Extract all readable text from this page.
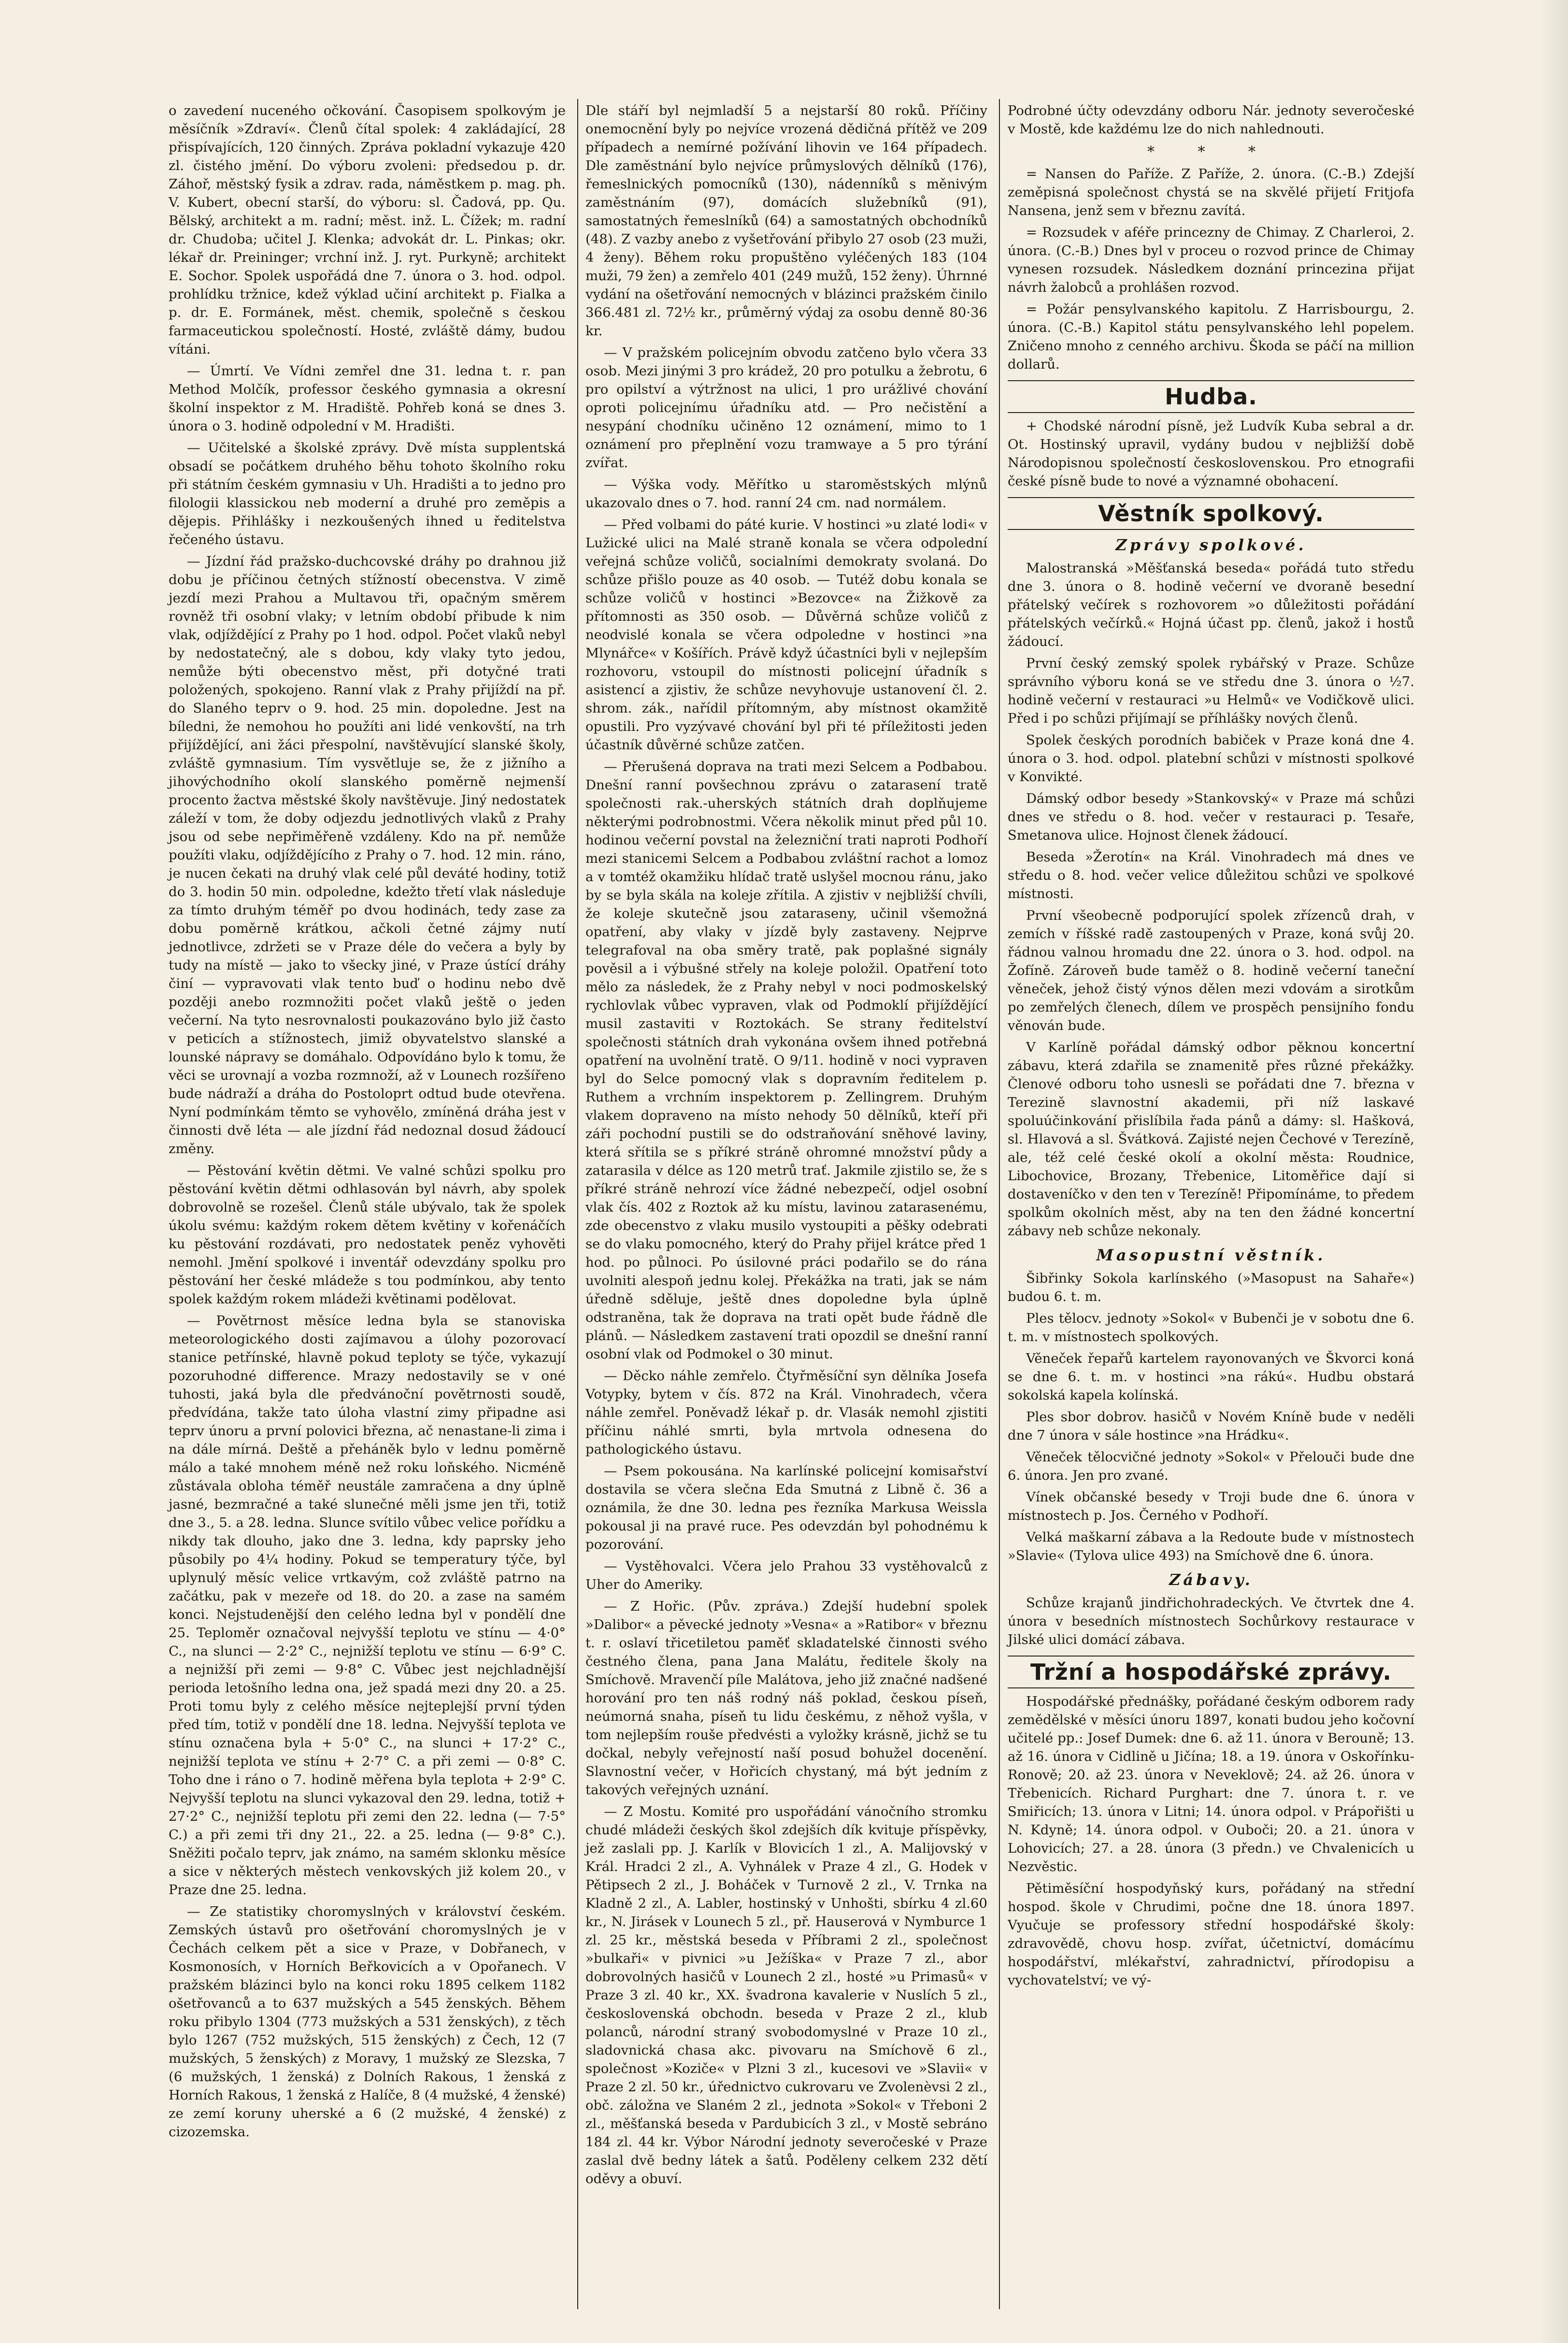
o zavedení nuceného očkování. Časopisem spolkovým je měsíčník »Zdraví«. Členů čítal spolek: 4 zakládající, 28 přispívajících, 120 činných. Zpráva pokladní vykazuje 420 zl. čistého jmění. Do výboru zvoleni: předsedou p. dr. Záhoř, městský fysik a zdrav. rada, náměstkem p. mag. ph. V. Kubert, obecní starší, do výboru: sl. Čadová, pp. Qu. Bělský, architekt a m. radní; měst. inž. L. Čížek; m. radní dr. Chudoba; učitel J. Klenka; advokát dr. L. Pinkas; okr. lékař dr. Preininger; vrchní inž. J. ryt. Purkyně; architekt E. Sochor. Spolek uspořádá dne 7. února o 3. hod. odpol. prohlídku tržnice, kdež výklad učiní architekt p. Fialka a p. dr. E. Formánek, měst. chemik, společně s českou farmaceutickou společností. Hosté, zvláště dámy, budou vítáni.

— Úmrtí. Ve Vídni zemřel dne 31. ledna t. r. pan Method Molčík, professor českého gymnasia a okresní školní inspektor z M. Hradiště. Pohřeb koná se dnes 3. února o 3. hodině odpolední v M. Hradišti.

— Učitelské a školské zprávy. Dvě místa supplentská obsadí se počátkem druhého běhu tohoto školního roku při státním českém gymnasiu v Uh. Hradišti a to jedno pro filologii klassickou neb moderní a druhé pro zeměpis a dějepis. Přihlášky i nezkoušených ihned u ředitelstva řečeného ústavu.

— Jízdní řád pražsko-duchcovské dráhy po drahnou již dobu je příčinou četných stížností obecenstva. V zimě jezdí mezi Prahou a Multavou tři, opačným směrem rovněž tři osobní vlaky; v letním období přibude k nim vlak, odjíždějící z Prahy po 1 hod. odpol. Počet vlaků nebyl by nedostatečný, ale s dobou, kdy vlaky tyto jedou, nemůže býti obecenstvo měst, při dotyčné trati položených, spokojeno. Ranní vlak z Prahy přijíždí na př. do Slaného teprv o 9. hod. 25 min. dopoledne. Jest na bíledni, že nemohou ho použíti ani lidé venkovští, na trh přijíždějící, ani žáci přespolní, navštěvující slanské školy, zvláště gymnasium. Tím vysvětluje se, že z jižního a jihovýchodního okolí slanského poměrně nejmenší procento žactva městské školy navštěvuje. Jiný nedostatek záleží v tom, že doby odjezdu jednotlivých vlaků z Prahy jsou od sebe nepřiměřeně vzdáleny. Kdo na př. nemůže použíti vlaku, odjíždějícího z Prahy o 7. hod. 12 min. ráno, je nucen čekati na druhý vlak celé půl deváté hodiny, totiž do 3. hodin 50 min. odpoledne, kdežto třetí vlak následuje za tímto druhým téměř po dvou hodinách, tedy zase za dobu poměrně krátkou, ačkoli četné zájmy nutí jednotlivce, zdržeti se v Praze déle do večera a byly by tudy na místě — jako to všecky jiné, v Praze ústící dráhy činí — vypravovati vlak tento buď o hodinu nebo dvě později anebo rozmnožiti počet vlaků ještě o jeden večerní. Na tyto nesrovnalosti poukazováno bylo již často v peticích a stížnostech, jimiž obyvatelstvo slanské a lounské nápravy se domáhalo. Odpovídáno bylo k tomu, že věci se urovnají a vozba rozmnoží, až v Lounech rozšířeno bude nádraží a dráha do Postoloprt odtud bude otevřena. Nyní podmínkám těmto se vyhovělo, zmíněná dráha jest v činnosti dvě léta — ale jízdní řád nedoznal dosud žádoucí změny.

— Pěstování květin dětmi. Ve valné schůzi spolku pro pěstování květin dětmi odhlasován byl návrh, aby spolek dobrovolně se rozešel. Členů stále ubývalo, tak že spolek úkolu svému: každým rokem dětem květiny v kořenáčích ku pěstování rozdávati, pro nedostatek peněz vyhověti nemohl. Jmění spolkové i inventář odevzdány spolku pro pěstování her české mládeže s tou podmínkou, aby tento spolek každým rokem mládeži květinami podělovat.

— Povětrnost měsíce ledna byla se stanoviska meteorologického dosti zajímavou a úlohy pozorovací stanice petřínské, hlavně pokud teploty se týče, vykazují pozoruhodné difference. Mrazy nedostavily se v oné tuhosti, jaká byla dle předvánoční povětrnosti soudě, předvídána, takže tato úloha vlastní zimy připadne asi teprv únoru a první polovici března, ač nenastane-li zima i na dále mírná. Deště a přeháněk bylo v lednu poměrně málo a také mnohem méně než roku loňského. Nicméně zůstávala obloha téměř neustále zamračena a dny úplně jasné, bezmračné a také slunečné měli jsme jen tři, totiž dne 3., 5. a 28. ledna. Slunce svítilo vůbec velice pořídku a nikdy tak dlouho, jako dne 3. ledna, kdy paprsky jeho působily po 4¼ hodiny. Pokud se temperatury týče, byl uplynulý měsíc velice vrtkavým, což zvláště patrno na začátku, pak v mezeře od 18. do 20. a zase na samém konci. Nejstudenější den celého ledna byl v pondělí dne 25. Teploměr označoval nejvyšší teplotu ve stínu — 4·0° C., na slunci — 2·2° C., nejnižší teplotu ve stínu — 6·9° C. a nejnižší při zemi — 9·8° C. Vůbec jest nejchladnější perioda letošního ledna ona, jež spadá mezi dny 20. a 25. Proti tomu byly z celého měsíce nejteplejší první týden před tím, totiž v pondělí dne 18. ledna. Nejvyšší teplota ve stínu označena byla + 5·0° C., na slunci + 17·2° C., nejnižší teplota ve stínu + 2·7° C. a při zemi — 0·8° C. Toho dne i ráno o 7. hodině měřena byla teplota + 2·9° C. Nejvyšší teplotu na slunci vykazoval den 29. ledna, totiž + 27·2° C., nejnižší teplotu při zemi den 22. ledna (— 7·5° C.) a při zemi tři dny 21., 22. a 25. ledna (— 9·8° C.). Sněžiti počalo teprv, jak známo, na samém sklonku měsíce a sice v některých městech venkovských již kolem 20., v Praze dne 25. ledna.

— Ze statistiky choromyslných v království českém. Zemských ústavů pro ošetřování choromyslných je v Čechách celkem pět a sice v Praze, v Dobřanech, v Kosmonosích, v Horních Beřkovicích a v Opořanech. V pražském blázinci bylo na konci roku 1895 celkem 1182 ošetřovanců a to 637 mužských a 545 ženských. Během roku přibylo 1304 (773 mužských a 531 ženských), z těch bylo 1267 (752 mužských, 515 ženských) z Čech, 12 (7 mužských, 5 ženských) z Moravy, 1 mužský ze Slezska, 7 (6 mužských, 1 ženská) z Dolních Rakous, 1 ženská z Horních Rakous, 1 ženská z Halíče, 8 (4 mužské, 4 ženské) ze zemí koruny uherské a 6 (2 mužské, 4 ženské) z cizozemska.

Dle stáří byl nejmladší 5 a nejstarší 80 roků. Příčiny onemocnění byly po nejvíce vrozená dědičná přítěž ve 209 případech a nemírné požívání lihovin ve 164 případech. Dle zaměstnání bylo nejvíce průmyslových dělníků (176), řemeslnických pomocníků (130), nádenníků s měnivým zaměstnáním (97), domácích služebníků (91), samostatných řemeslníků (64) a samostatných obchodníků (48). Z vazby anebo z vyšetřování přibylo 27 osob (23 muži, 4 ženy). Během roku propuštěno vyléčených 183 (104 muži, 79 žen) a zemřelo 401 (249 mužů, 152 ženy). Úhrnné vydání na ošetřování nemocných v blázinci pražském činilo 366.481 zl. 72½ kr., průměrný výdaj za osobu denně 80·36 kr.

— V pražském policejním obvodu zatčeno bylo včera 33 osob. Mezi jinými 3 pro krádež, 20 pro potulku a žebrotu, 6 pro opilství a výtržnost na ulici, 1 pro urážlivé chování oproti policejnímu úřadníku atd. — Pro nečistění a nesypání chodníku učiněno 12 oznámení, mimo to 1 oznámení pro přeplnění vozu tramwaye a 5 pro týrání zvířat.

— Výška vody. Měřítko u staroměstských mlýnů ukazovalo dnes o 7. hod. ranní 24 cm. nad normálem.

— Před volbami do páté kurie. V hostinci »u zlaté lodi« v Lužické ulici na Malé straně konala se včera odpolední veřejná schůze voličů, socialními demokraty svolaná. Do schůze přišlo pouze as 40 osob. — Tutéž dobu konala se schůze voličů v hostinci »Bezovce« na Žižkově za přítomnosti as 350 osob. — Důvěrná schůze voličů z neodvislé konala se včera odpoledne v hostinci »na Mlynářce« v Košířích. Právě když účastníci byli v nejlepším rozhovoru, vstoupil do místnosti policejní úřadník s asistencí a zjistiv, že schůze nevyhovuje ustanovení čl. 2. shrom. zák., nařídil přítomným, aby místnost okamžitě opustili. Pro vyzývavé chování byl při té příležitosti jeden účastník důvěrné schůze zatčen.

— Přerušená doprava na trati mezi Selcem a Podbabou. Dnešní ranní povšechnou zprávu o zatarasení tratě společnosti rak.-uherských státních drah doplňujeme některými podrobnostmi. Včera několik minut před půl 10. hodinou večerní povstal na železniční trati naproti Podhoří mezi stanicemi Selcem a Podbabou zvláštní rachot a lomoz a v tomtéž okamžiku hlídač tratě uslyšel mocnou ránu, jako by se byla skála na koleje zřítila. A zjistiv v nejbližší chvíli, že koleje skutečně jsou zataraseny, učinil všemožná opatření, aby vlaky v jízdě byly zastaveny. Nejprve telegrafoval na oba směry tratě, pak poplašné signály pověsil a i výbušné střely na koleje položil. Opatření toto mělo za následek, že z Prahy nebyl v noci podmoskelský rychlovlak vůbec vypraven, vlak od Podmoklí přijíždějící musil zastaviti v Roztokách. Se strany ředitelství společnosti státních drah vykonána ovšem ihned potřebná opatření na uvolnění tratě. O 9/11. hodině v noci vypraven byl do Selce pomocný vlak s dopravním ředitelem p. Ruthem a vrchním inspektorem p. Zellingrem. Druhým vlakem dopraveno na místo nehody 50 dělníků, kteří při záři pochodní pustili se do odstraňování sněhové laviny, která sřítila se s příkré stráně ohromné množství půdy a zatarasila v délce as 120 metrů trať. Jakmile zjistilo se, že s příkré stráně nehrozí více žádné nebezpečí, odjel osobní vlak čís. 402 z Roztok až ku místu, lavinou zatarasenému, zde obecenstvo z vlaku musilo vystoupiti a pěšky odebrati se do vlaku pomocného, který do Prahy přijel krátce před 1 hod. po půlnoci. Po úsilovné práci podařilo se do rána uvolniti alespoň jednu kolej. Překážka na trati, jak se nám úředně sděluje, ještě dnes dopoledne byla úplně odstraněna, tak že doprava na trati opět bude řádně dle plánů. — Následkem zastavení trati opozdil se dnešní ranní osobní vlak od Podmokel o 30 minut.

— Děcko náhle zemřelo. Čtyřměsíční syn dělníka Josefa Votypky, bytem v čís. 872 na Král. Vinohradech, včera náhle zemřel. Poněvadž lékař p. dr. Vlasák nemohl zjistiti příčinu náhlé smrti, byla mrtvola odnesena do pathologického ústavu.

— Psem pokousána. Na karlínské policejní komisařství dostavila se včera slečna Eda Smutná z Libně č. 36 a oznámila, že dne 30. ledna pes řezníka Markusa Weissla pokousal ji na pravé ruce. Pes odevzdán byl pohodnému k pozorování.

— Vystěhovalci. Včera jelo Prahou 33 vystěhovalců z Uher do Ameriky.

— Z Hořic. (Pův. zpráva.) Zdejší hudební spolek »Dalibor« a pěvecké jednoty »Vesna« a »Ratibor« v březnu t. r. oslaví třicetiletou paměť skladatelské činnosti svého čestného člena, pana Jana Malátu, ředitele školy na Smíchově. Mravenčí píle Malátova, jeho již značné nadšené horování pro ten náš rodný náš poklad, českou píseň, neúmorná snaha, píseň tu lidu českému, z něhož vyšla, v tom nejlepším rouše předvésti a vyložky krásně, jichž se tu dočkal, nebyly veřejností naší posud bohužel docenění. Slavnostní večer, v Hořicích chystaný, má být jedním z takových veřejných uznání.

— Z Mostu. Komité pro uspořádání vánočního stromku chudé mládeži českých škol zdejších dík kvituje příspěvky, jež zaslali pp. J. Karlík v Blovicích 1 zl., A. Malijovský v Král. Hradci 2 zl., A. Vyhnálek v Praze 4 zl., G. Hodek v Pětipsech 2 zl., J. Boháček v Turnově 2 zl., V. Trnka na Kladně 2 zl., A. Labler, hostinský v Unhošti, sbírku 4 zl.60 kr., N. Jirásek v Lounech 5 zl., př. Hauserová v Nymburce 1 zl. 25 kr., městská beseda v Příbrami 2 zl., společnost »bulkaři« v pivnici »u Ježíška« v Praze 7 zl., abor dobrovolných hasičů v Lounech 2 zl., hosté »u Primasů« v Praze 3 zl. 40 kr., XX. švadrona kavalerie v Nuslích 5 zl., československá obchodn. beseda v Praze 2 zl., klub polanců, národní straný svobodomyslné v Praze 10 zl., sladovnická chasa akc. pivovaru na Smíchově 6 zl., společnost »Koziče« v Plzni 3 zl., kucesovi ve »Slavii« v Praze 2 zl. 50 kr., úřednictvo cukrovaru ve Zvolenèvsi 2 zl., obč. záložna ve Slaném 2 zl., jednota »Sokol« v Třeboni 2 zl., měšťanská beseda v Pardubicích 3 zl., v Mostě sebráno 184 zl. 44 kr. Výbor Národní jednoty severočeské v Praze zaslal dvě bedny látek a šatů. Poděleny celkem 232 dětí oděvy a obuví.

Podrobné účty odevzdány odboru Nár. jednoty severočeské v Mostě, kde každému lze do nich nahlednouti.

* * *

= Nansen do Paříže. Z Paříže, 2. února. (C.-B.) Zdejší zeměpisná společnost chystá se na skvělé přijetí Fritjofa Nansena, jenž sem v březnu zavítá.

= Rozsudek v aféře princezny de Chimay. Z Charleroi, 2. února. (C.-B.) Dnes byl v proceu o rozvod prince de Chimay vynesen rozsudek. Následkem doznání princezina přijat návrh žalobců a prohlášen rozvod.

= Požár pensylvanského kapitolu. Z Harrisbourgu, 2. února. (C.-B.) Kapitol státu pensylvanského lehl popelem. Zničeno mnoho z cenného archivu. Škoda se páčí na million dollarů.

Hudba.

+ Chodské národní písně, jež Ludvík Kuba sebral a dr. Ot. Hostinský upravil, vydány budou v nejbližší době Národopisnou společností československou. Pro etnografii české písně bude to nové a významné obohacení.

Věstník spolkový.
Zprávy spolkové.

Malostranská »Měšťanská beseda« pořádá tuto středu dne 3. února o 8. hodině večerní ve dvoraně besední přátelský večírek s rozhovorem »o důležitosti pořádání přátelských večírků.« Hojná účast pp. členů, jakož i hostů žádoucí.

První český zemský spolek rybářský v Praze. Schůze správního výboru koná se ve středu dne 3. února o ½7. hodině večerní v restauraci »u Helmů« ve Vodičkově ulici. Před i po schůzi přijímají se příhlášky nových členů.

Spolek českých porodních babiček v Praze koná dne 4. února o 3. hod. odpol. platební schůzi v místnosti spolkové v Konvikté.

Dámský odbor besedy »Stankovský« v Praze má schůzi dnes ve středu o 8. hod. večer v restauraci p. Tesaře, Smetanova ulice. Hojnost členek žádoucí.

Beseda »Žerotín« na Král. Vinohradech má dnes ve středu o 8. hod. večer velice důležitou schůzi ve spolkové místnosti.

První všeobecně podporující spolek zřízenců drah, v zemích v říšské radě zastoupených v Praze, koná svůj 20. řádnou valnou hromadu dne 22. února o 3. hod. odpol. na Žofíně. Zároveň bude taměž o 8. hodině večerní taneční věneček, jehož čistý výnos dělen mezi vdovám a sirotkům po zemřelých členech, dílem ve prospěch pensijního fondu věnován bude.

V Karlíně pořádal dámský odbor pěknou koncertní zábavu, která zdařila se znamenitě přes různé překážky. Členové odboru toho usnesli se pořádati dne 7. března v Terezině slavnostní akademii, při níž laskavé spoluúčinkování přislíbila řada pánů a dámy: sl. Hašková, sl. Hlavová a sl. Švátková. Zajisté nejen Čechové v Terezíně, ale, též celé české okolí a okolní města: Roudnice, Libochovice, Brozany, Třebenice, Litoměřice dají si dostaveníčko v den ten v Terezíně! Připomínáme, to předem spolkům okolních měst, aby na ten den žádné koncertní zábavy neb schůze nekonaly.

Masopustní věstník.

Šibřinky Sokola karlínského (»Masopust na Sahaře«) budou 6. t. m.

Ples tělocv. jednoty »Sokol« v Bubenči je v sobotu dne 6. t. m. v místnostech spolkových.

Věneček řepařů kartelem rayonovaných ve Škvorci koná se dne 6. t. m. v hostinci »na rákú«. Hudbu obstará sokolská kapela kolínská.

Ples sbor dobrov. hasičů v Novém Kníně bude v neděli dne 7 února v sále hostince »na Hrádku«.

Věneček tělocvičné jednoty »Sokol« v Přelouči bude dne 6. února. Jen pro zvané.

Vínek občanské besedy v Troji bude dne 6. února v místnostech p. Jos. Černého v Podhoří.

Velká maškarní zábava a la Redoute bude v místnostech »Slavie« (Tylova ulice 493) na Smíchově dne 6. února.

Zábavy.

Schůze krajanů jindřichohradeckých. Ve čtvrtek dne 4. února v besedních místnostech Sochůrkovy restaurace v Jilské ulici domácí zábava.

Tržní a hospodářské zprávy.

Hospodářské přednášky, pořádané českým odborem rady zemědělské v měsíci únoru 1897, konati budou jeho kočovní učitelé pp.: Josef Dumek: dne 6. až 11. února v Berouně; 13. až 16. února v Cidlině u Jičína; 18. a 19. února v Oskořínku-Ronově; 20. až 23. února v Neveklově; 24. až 26. února v Třebenicích. Richard Purghart: dne 7. února t. r. ve Smiřicích; 13. února v Litni; 14. února odpol. v Prápořišti u N. Kdyně; 14. února odpol. v Ouboči; 20. a 21. února v Lohovicích; 27. a 28. února (3 předn.) ve Chvalenicích u Nezvěstic.

Pětiměsíční hospodyňský kurs, pořádaný na střední hospod. škole v Chrudimi, počne dne 18. února 1897. Vyučuje se professory střední hospodářské školy: zdravovědě, chovu hosp. zvířat, účetnictví, domácímu hospodářství, mlékařství, zahradnictví, přírodopisu a vychovatelství; ve vý-
